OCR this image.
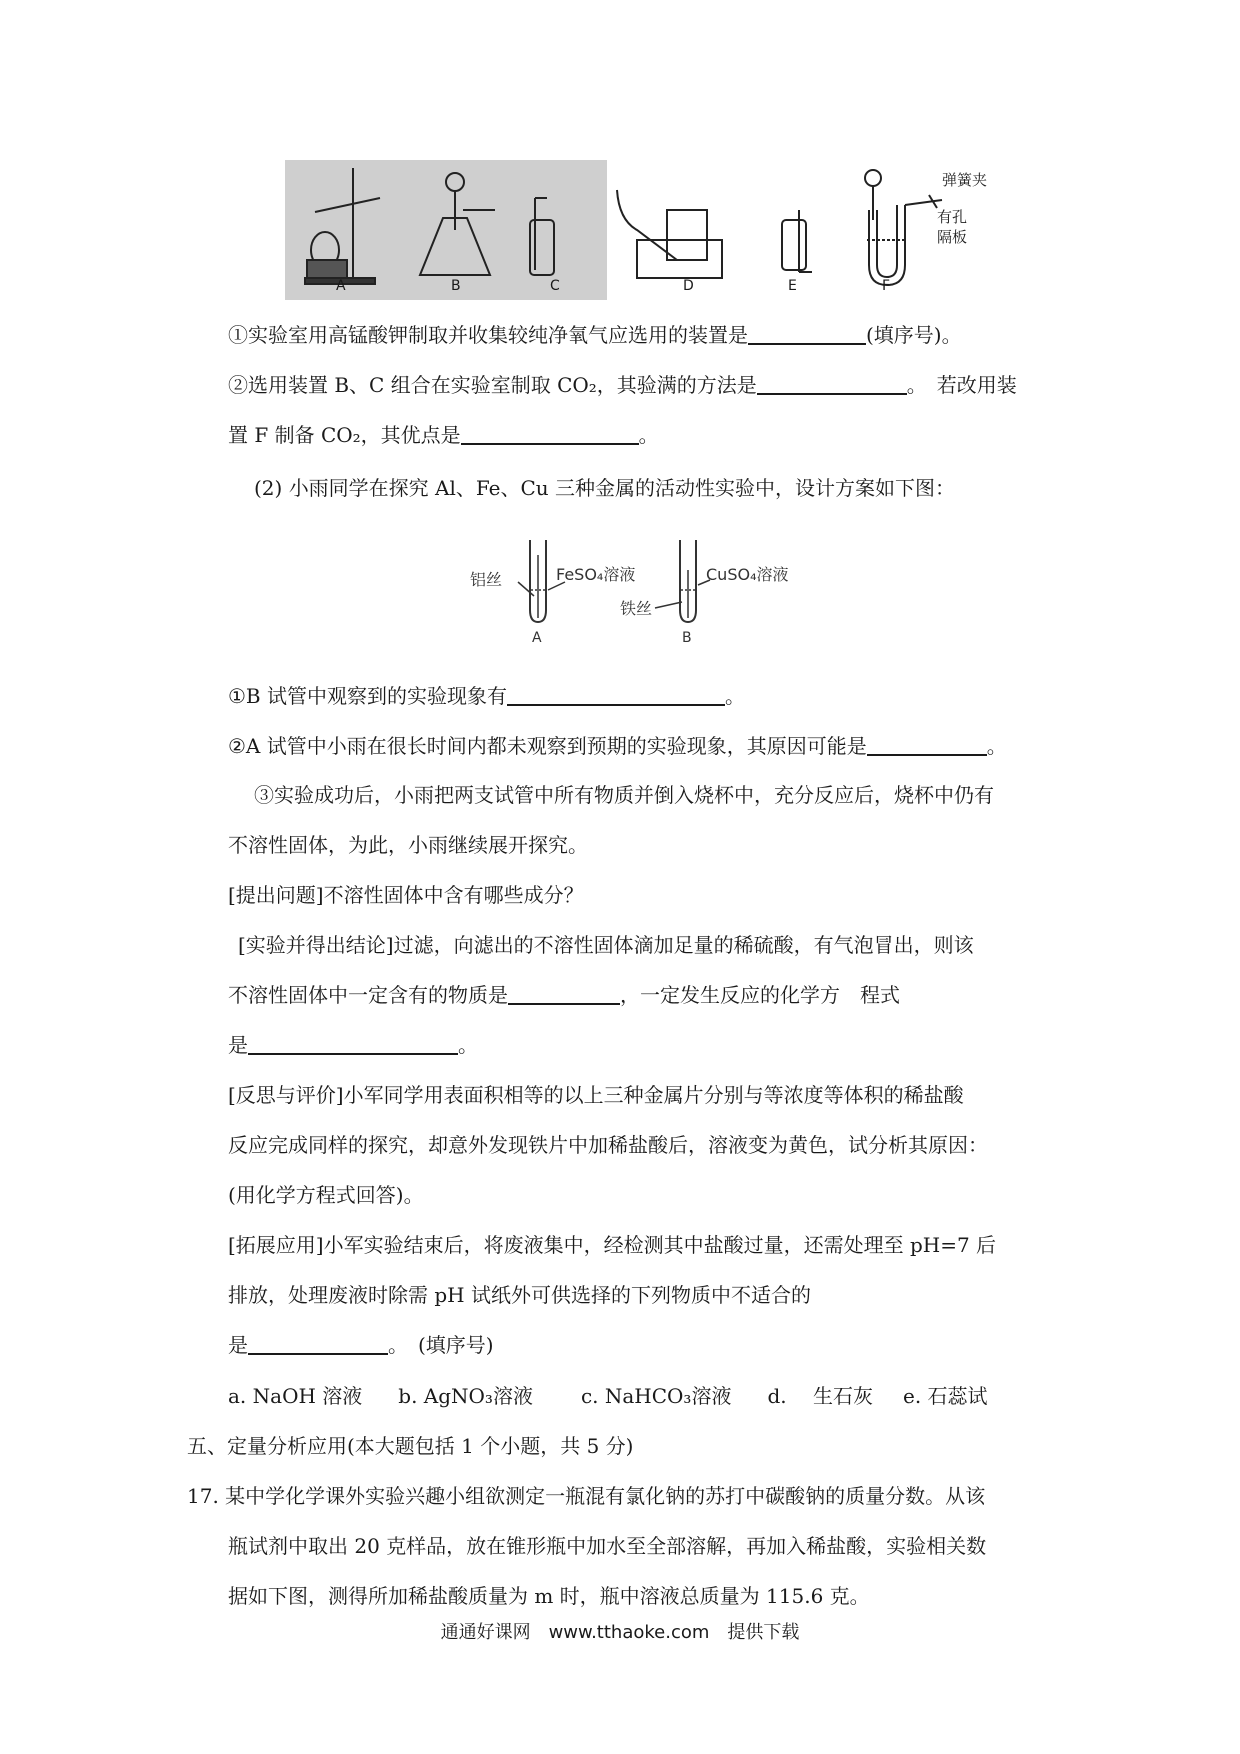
弹簧夹
有孔
隔板
A	B	C	D	E	F
①实验室用高锰酸钾制取并收集较纯净氧气应选用的装置是	(填序号)。
②选用装置 B、C 组合在实验室制取 CO₂，其验满的方法是	。　若改用装
置 F 制备 CO₂，其优点是	。
(2) 小雨同学在探究 Al、Fe、Cu 三种金属的活动性实验中，设计方案如下图：
铝丝	FeSO₄溶液	CuSO₄溶液
铁丝
A	B
①B 试管中观察到的实验现象有	。
②A 试管中小雨在很长时间内都未观察到预期的实验现象，其原因可能是	。
③实验成功后，小雨把两支试管中所有物质并倒入烧杯中，充分反应后，烧杯中仍有
不溶性固体，为此，小雨继续展开探究。
[提出问题]不溶性固体中含有哪些成分？
[实验并得出结论]过滤，向滤出的不溶性固体滴加足量的稀硫酸，有气泡冒出，则该
不溶性固体中一定含有的物质是	，一定发生反应的化学方　程式
是	。
[反思与评价]小军同学用表面积相等的以上三种金属片分别与等浓度等体积的稀盐酸
反应完成同样的探究，却意外发现铁片中加稀盐酸后，溶液变为黄色，试分析其原因：
(用化学方程式回答)。
[拓展应用]小军实验结束后，将废液集中，经检测其中盐酸过量，还需处理至 pH=7 后
排放，处理废液时除需 pH 试纸外可供选择的下列物质中不适合的
是	。　(填序号)
a. NaOH 溶液 b. AgNO₃溶液 c. NaHCO₃溶液 d.　 生石灰 e. 石蕊试
五、定量分析应用(本大题包括 1 个小题，共 5 分)
17. 某中学化学课外实验兴趣小组欲测定一瓶混有氯化钠的苏打中碳酸钠的质量分数。从该
瓶试剂中取出 20 克样品，放在锥形瓶中加水至全部溶解，再加入稀盐酸，实验相关数
据如下图，测得所加稀盐酸质量为 m 时，瓶中溶液总质量为 115.6 克。
通通好课网　www.tthaoke.com　提供下载
